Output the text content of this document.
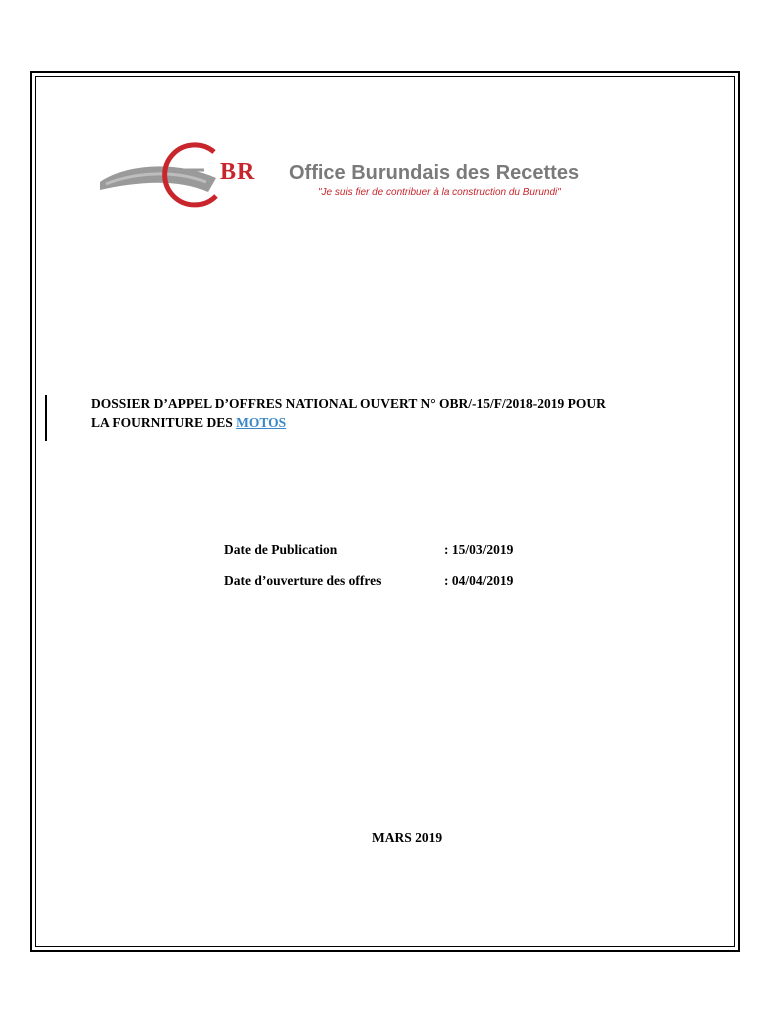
BR Office Burundais des Recettes
"Je suis fier de contribuer à la construction du Burundi"
DOSSIER D’APPEL D’OFFRES NATIONAL OUVERT N° OBR/-15/F/2018-2019 POUR
LA FOURNITURE DES MOTOS
Date de Publication	: 15/03/2019
Date d’ouverture des offres	: 04/04/2019
MARS 2019
